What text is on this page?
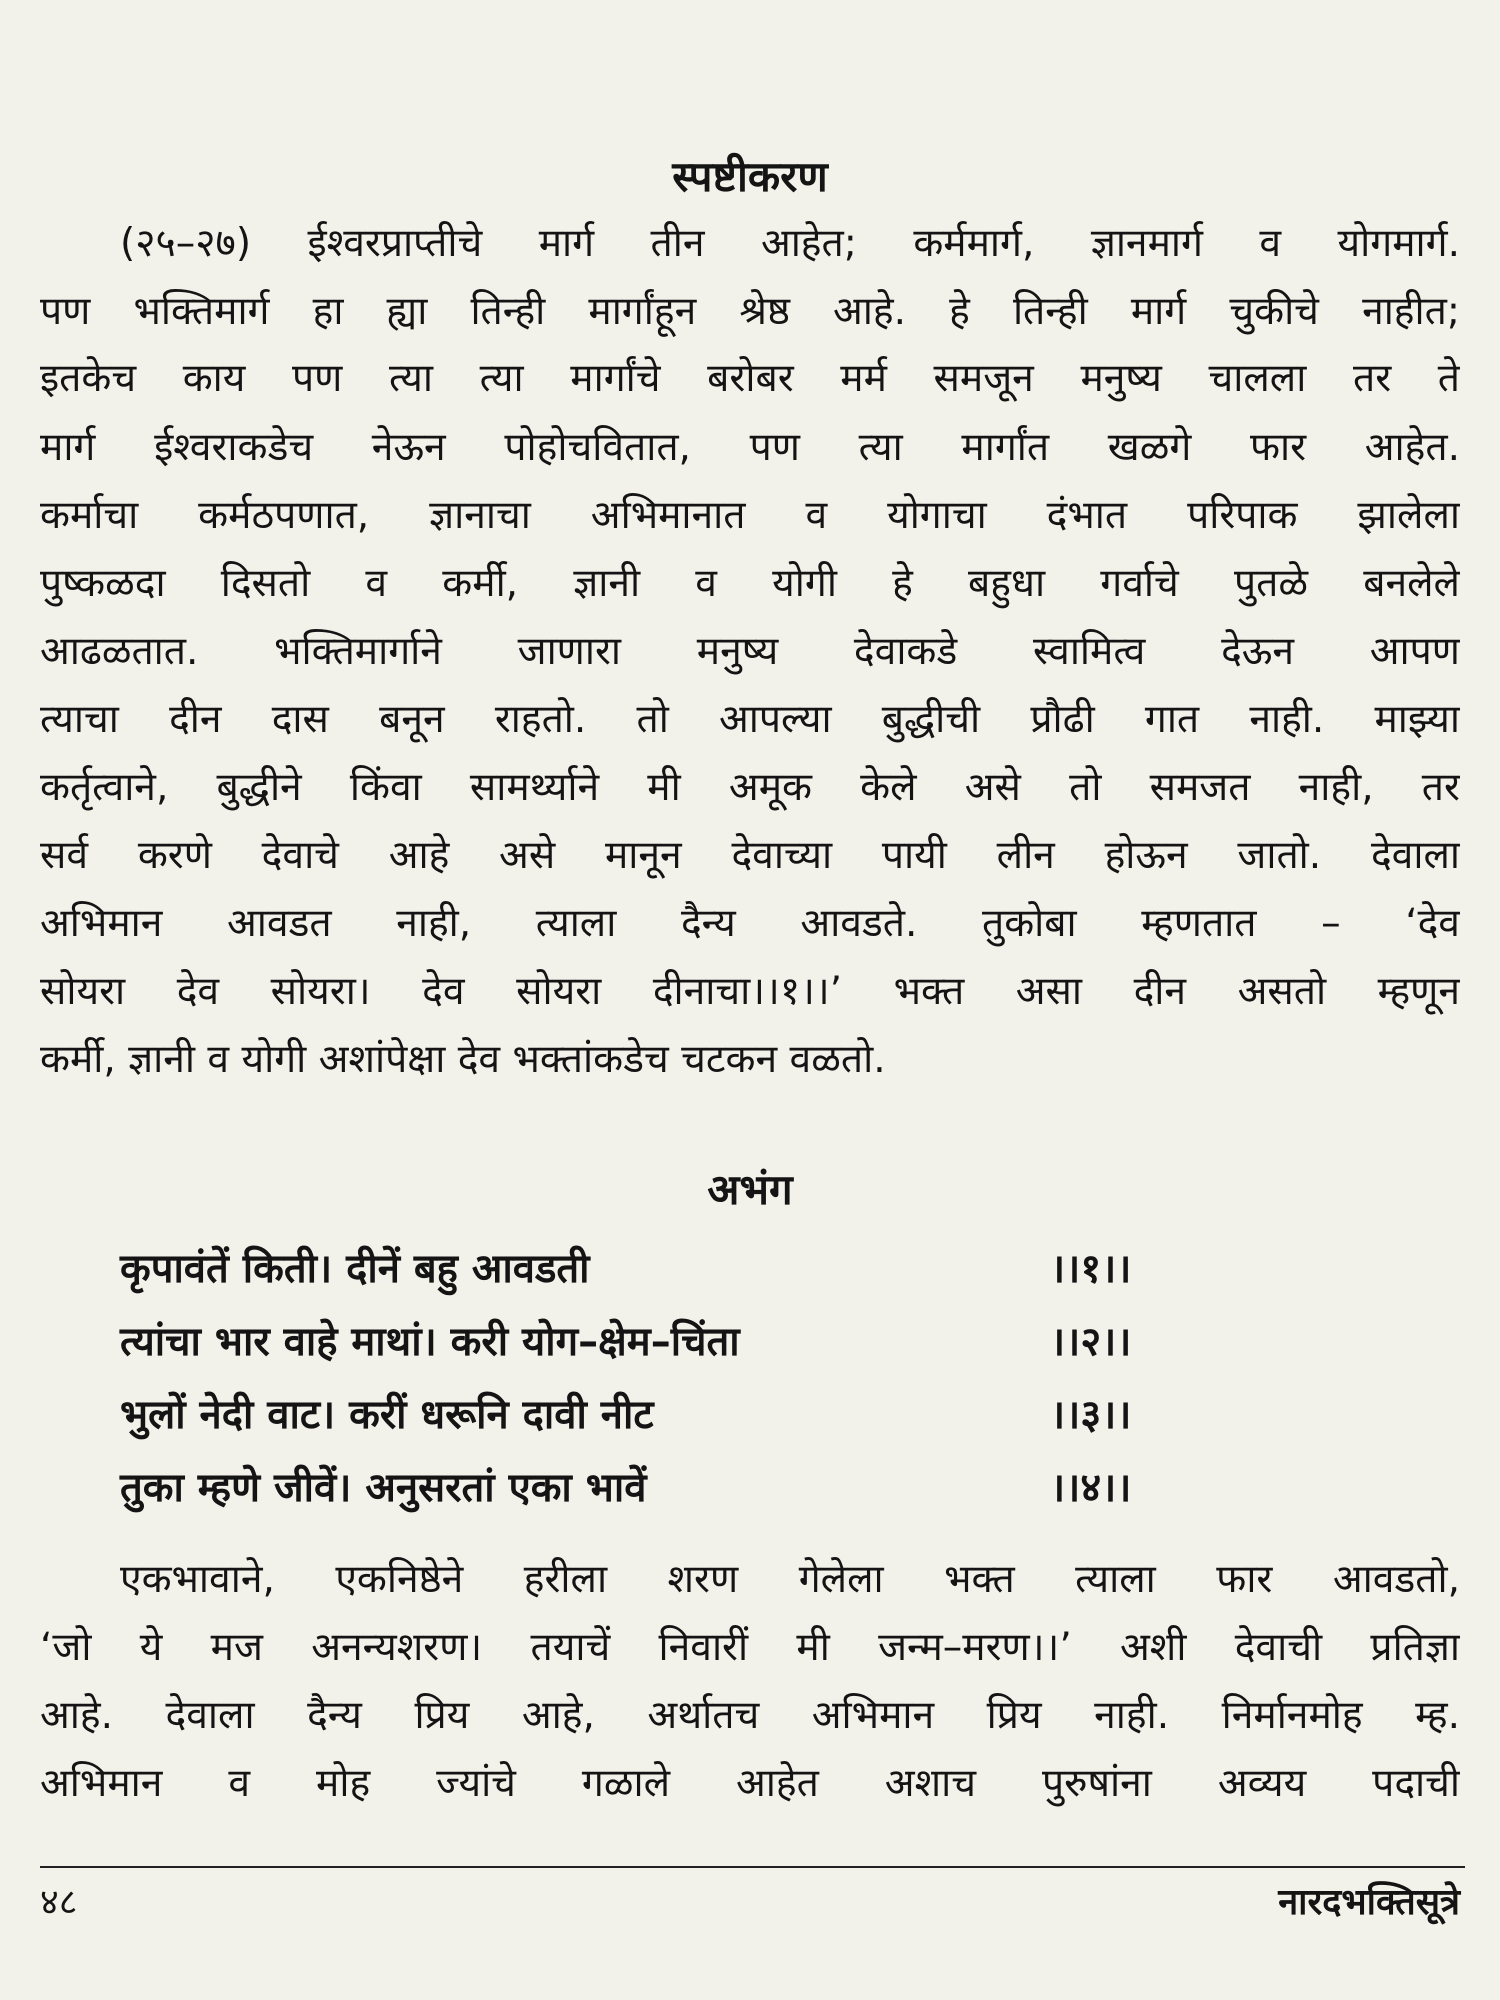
स्पष्टीकरण
(२५–२७) ईश्वरप्राप्तीचे मार्ग तीन आहेत; कर्ममार्ग, ज्ञानमार्ग व योगमार्ग.
पण भक्तिमार्ग हा ह्या तिन्ही मार्गांहून श्रेष्ठ आहे. हे तिन्ही मार्ग चुकीचे नाहीत;
इतकेच काय पण त्या त्या मार्गांचे बरोबर मर्म समजून मनुष्य चालला तर ते
मार्ग ईश्वराकडेच नेऊन पोहोचवितात, पण त्या मार्गांत खळगे फार आहेत.
कर्माचा कर्मठपणात, ज्ञानाचा अभिमानात व योगाचा दंभात परिपाक झालेला
पुष्कळदा दिसतो व कर्मी, ज्ञानी व योगी हे बहुधा गर्वाचे पुतळे बनलेले
आढळतात. भक्तिमार्गाने जाणारा मनुष्य देवाकडे स्वामित्व देऊन आपण
त्याचा दीन दास बनून राहतो. तो आपल्या बुद्धीची प्रौढी गात नाही. माझ्या
कर्तृत्वाने, बुद्धीने किंवा सामर्थ्याने मी अमूक केले असे तो समजत नाही, तर
सर्व करणे देवाचे आहे असे मानून देवाच्या पायी लीन होऊन जातो. देवाला
अभिमान आवडत नाही, त्याला दैन्य आवडते. तुकोबा म्हणतात – ‘देव
सोयरा देव सोयरा। देव सोयरा दीनाचा।।१।।’ भक्त असा दीन असतो म्हणून
कर्मी, ज्ञानी व योगी अशांपेक्षा देव भक्तांकडेच चटकन वळतो.
अभंग
कृपावंतें किती। दीनें बहु आवडती	।।१।।
त्यांचा भार वाहे माथां। करी योग–क्षेम–चिंता	।।२।।
भुलों नेदी वाट। करीं धरूनि दावी नीट	।।३।।
तुका म्हणे जीवें। अनुसरतां एका भावें	।।४।।
एकभावाने, एकनिष्ठेने हरीला शरण गेलेला भक्त त्याला फार आवडतो,
‘जो ये मज अनन्यशरण। तयाचें निवारीं मी जन्म–मरण।।’ अशी देवाची प्रतिज्ञा
आहे. देवाला दैन्य प्रिय आहे, अर्थातच अभिमान प्रिय नाही. निर्मानमोह म्ह.
अभिमान व मोह ज्यांचे गळाले आहेत अशाच पुरुषांना अव्यय पदाची
४८	नारदभक्तिसूत्रे
